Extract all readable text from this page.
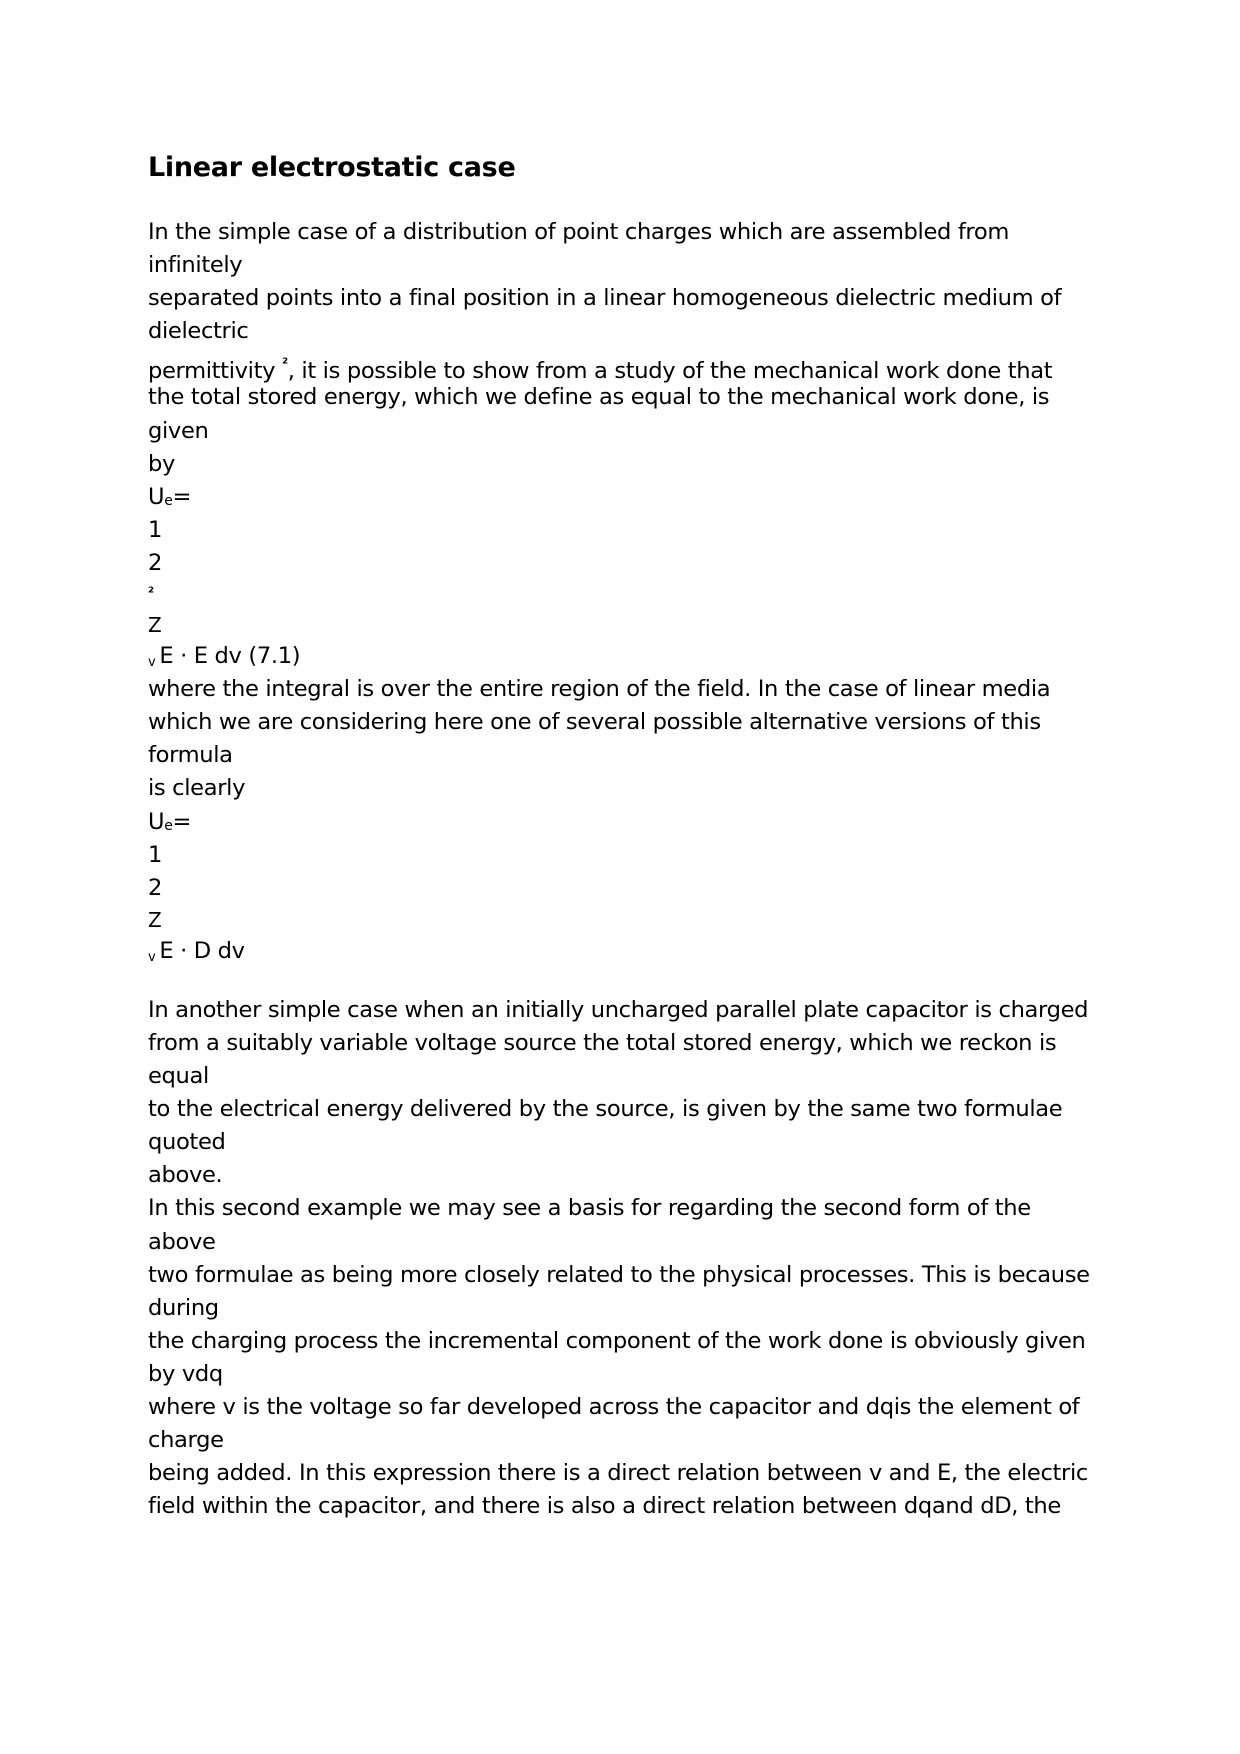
Linear electrostatic case
In the simple case of a distribution of point charges which are assembled from
infinitely
separated points into a final position in a linear homogeneous dielectric medium of
dielectric
permittivity $^{^2}$, it is possible to show from a study of the mechanical work done that
the total stored energy, which we define as equal to the mechanical work done, is
given
by
Ue=
1
2
²
Z
v E · E dv (7.1)
where the integral is over the entire region of the field. In the case of linear media
which we are considering here one of several possible alternative versions of this
formula
is clearly
Ue=
1
2
Z
v E · D dv
In another simple case when an initially uncharged parallel plate capacitor is charged
from a suitably variable voltage source the total stored energy, which we reckon is
equal
to the electrical energy delivered by the source, is given by the same two formulae
quoted
above.
In this second example we may see a basis for regarding the second form of the
above
two formulae as being more closely related to the physical processes. This is because
during
the charging process the incremental component of the work done is obviously given
by vdq
where v is the voltage so far developed across the capacitor and dqis the element of
charge
being added. In this expression there is a direct relation between v and E, the electric
field within the capacitor, and there is also a direct relation between dqand dD, the
